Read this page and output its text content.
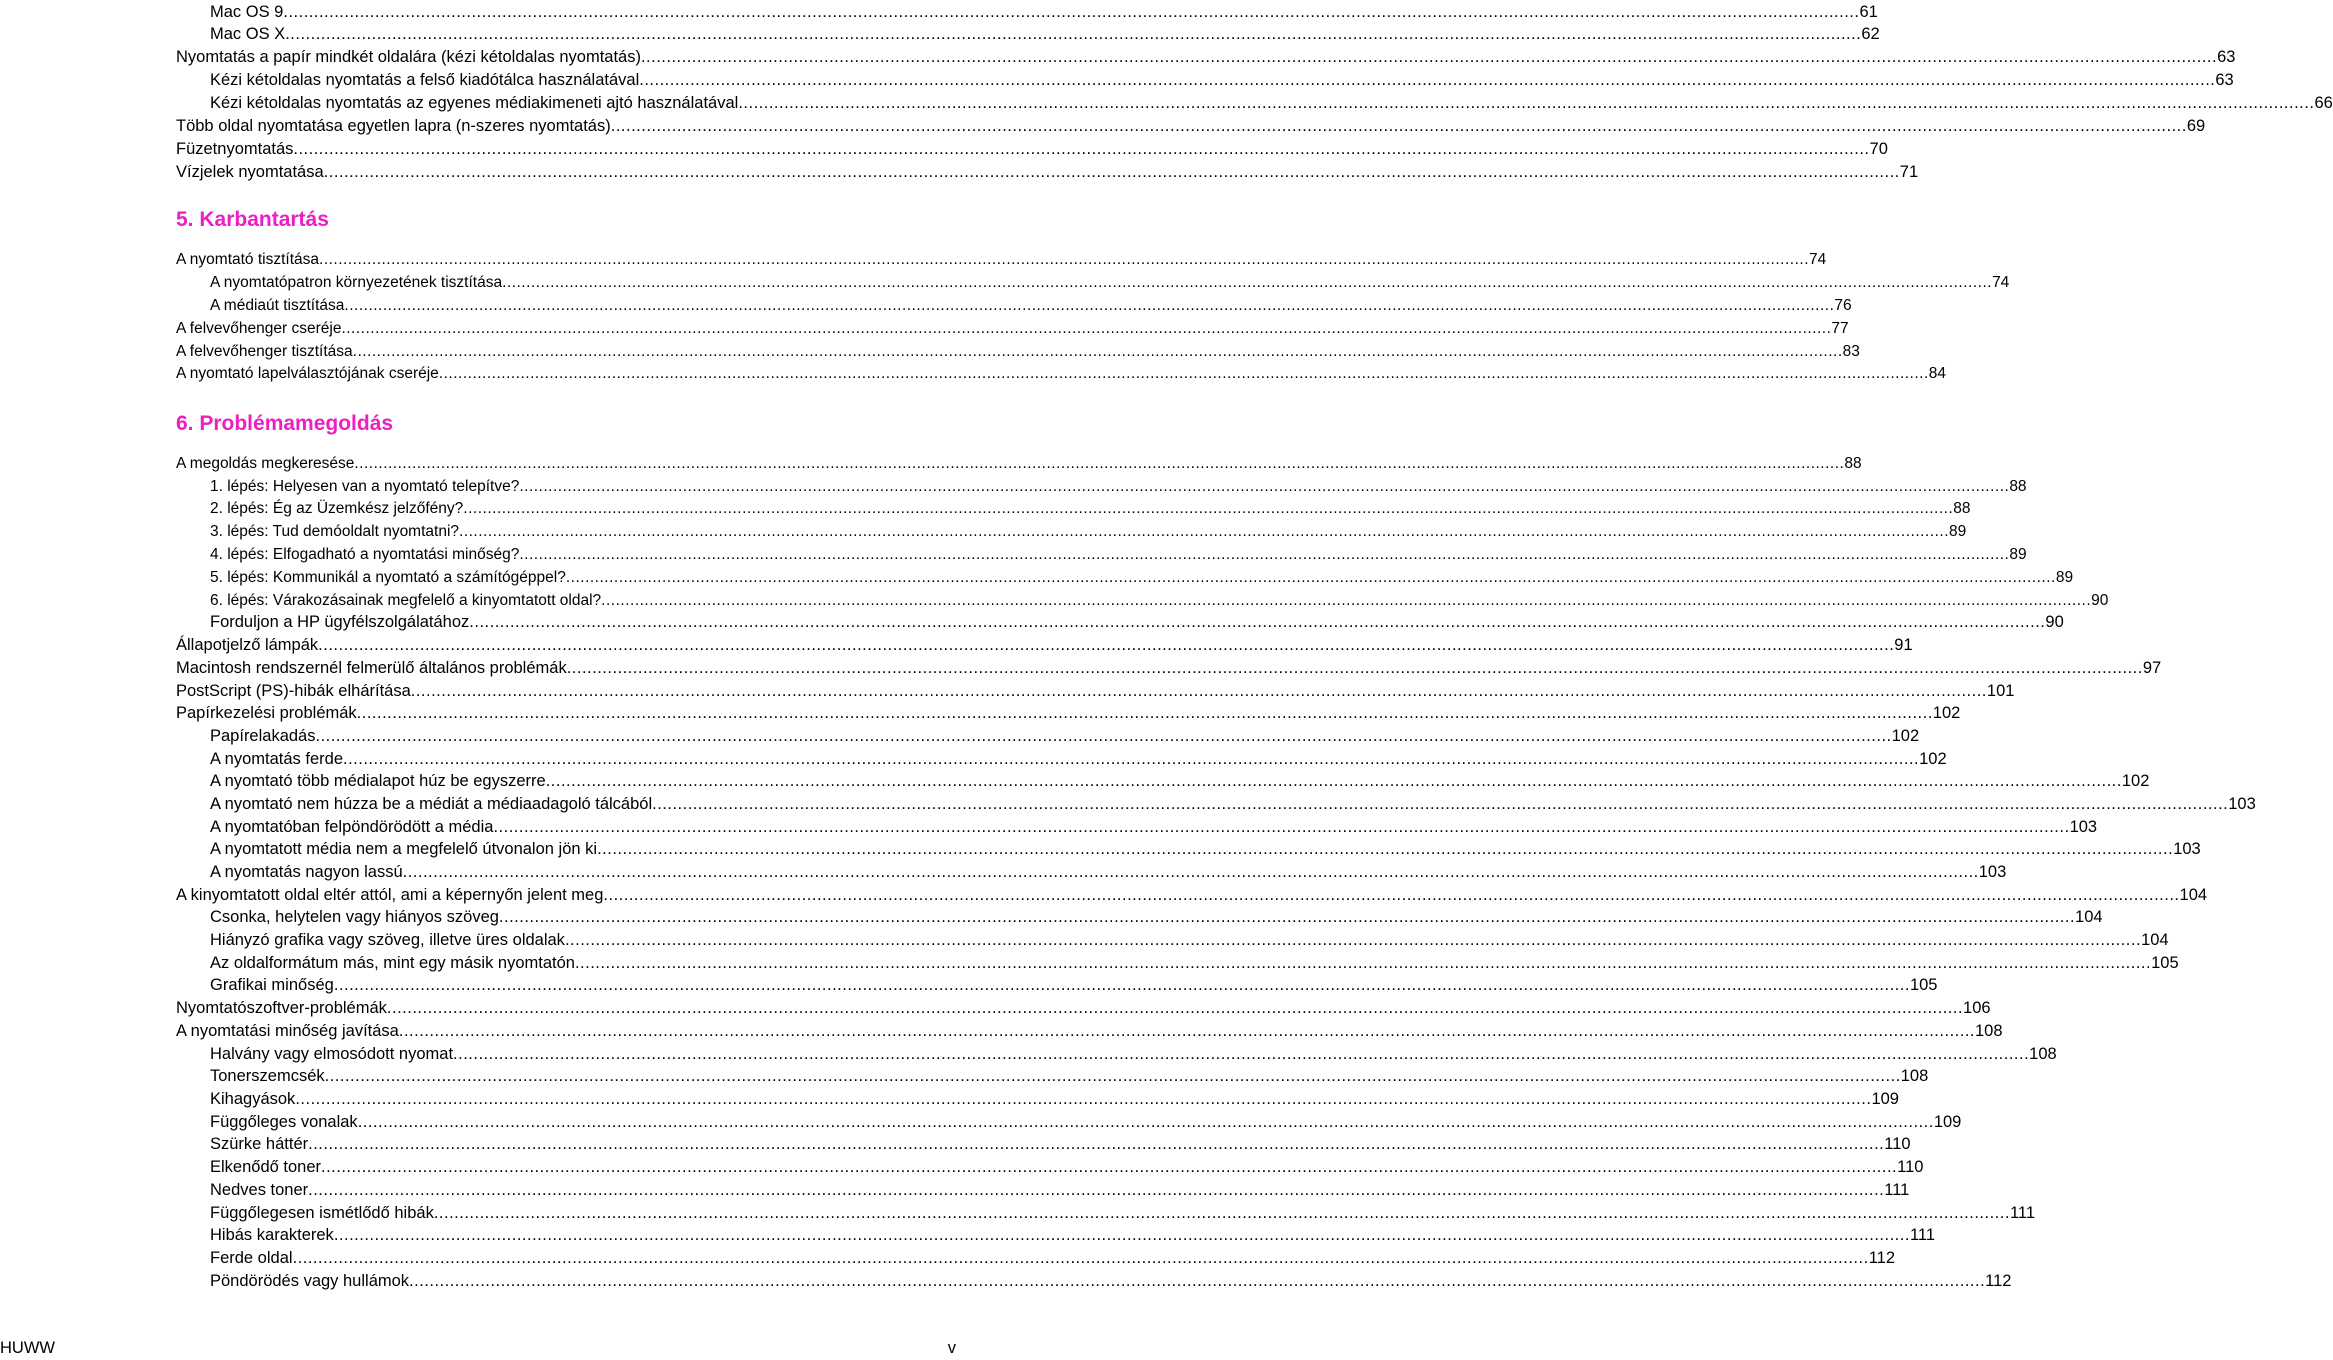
Mac OS 9 .....	61
Mac OS X .....	62
Nyomtatás a papír mindkét oldalára (kézi kétoldalas nyomtatás) .....	63
Kézi kétoldalas nyomtatás a felső kiadótálca használatával .....	63
Kézi kétoldalas nyomtatás az egyenes médiakimeneti ajtó használatával .....	66
Több oldal nyomtatása egyetlen lapra (n-szeres nyomtatás) .....	69
Füzetnyomtatás .....	70
Vízjelek nyomtatása .....	71
5. Karbantartás
A nyomtató tisztítása .....	74
A nyomtatópatron környezetének tisztítása .....	74
A médiaút tisztítása .....	76
A felvevőhenger cseréje .....	77
A felvevőhenger tisztítása .....	83
A nyomtató lapelválasztójának cseréje .....	84
6. Problémamegoldás
A megoldás megkeresése .....	88
1. lépés: Helyesen van a nyomtató telepítve? .....	88
2. lépés: Ég az Üzemkész jelzőfény? .....	88
3. lépés: Tud demóoldalt nyomtatni? .....	89
4. lépés: Elfogadható a nyomtatási minőség? .....	89
5. lépés: Kommunikál a nyomtató a számítógéppel? .....	89
6. lépés: Várakozásainak megfelelő a kinyomtatott oldal? .....	90
Forduljon a HP ügyfélszolgálatához .....	90
Állapotjelző lámpák .....	91
Macintosh rendszernél felmerülő általános problémák .....	97
PostScript (PS)-hibák elhárítása .....	101
Papírkezelési problémák .....	102
Papírelakadás .....	102
A nyomtatás ferde .....	102
A nyomtató több médialapot húz be egyszerre .....	102
A nyomtató nem húzza be a médiát a médiaadagoló tálcából .....	103
A nyomtatóban felpöndörödött a média .....	103
A nyomtatott média nem a megfelelő útvonalon jön ki .....	103
A nyomtatás nagyon lassú .....	103
A kinyomtatott oldal eltér attól, ami a képernyőn jelent meg .....	104
Csonka, helytelen vagy hiányos szöveg .....	104
Hiányzó grafika vagy szöveg, illetve üres oldalak .....	104
Az oldalformátum más, mint egy másik nyomtatón .....	105
Grafikai minőség .....	105
Nyomtatószoftver-problémák .....	106
A nyomtatási minőség javítása .....	108
Halvány vagy elmosódott nyomat .....	108
Tonerszemcsék .....	108
Kihagyások .....	109
Függőleges vonalak .....	109
Szürke háttér .....	110
Elkenődő toner .....	110
Nedves toner .....	111
Függőlegesen ismétlődő hibák .....	111
Hibás karakterek .....	111
Ferde oldal .....	112
Pöndörödés vagy hullámok .....	112
HUWW	v
